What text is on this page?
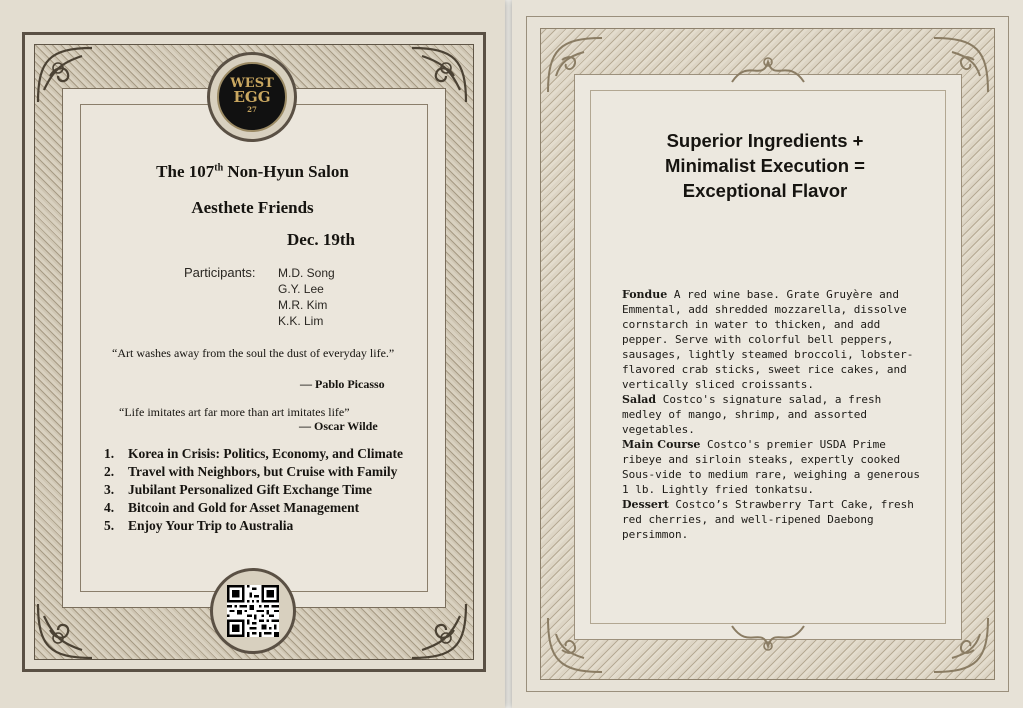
WEST
EGG
27
The 107th Non-Hyun Salon
Aesthete Friends
Dec. 19th
Participants: M.D. Song
G.Y. Lee
M.R. Kim
K.K. Lim
“Art washes away from the soul the dust of everyday life.”
— Pablo Picasso
“Life imitates art far more than art imitates life”
— Oscar Wilde
1. Korea in Crisis: Politics, Economy, and Climate
2. Travel with Neighbors, but Cruise with Family
3. Jubilant Personalized Gift Exchange Time
4. Bitcoin and Gold for Asset Management
5. Enjoy Your Trip to Australia
Superior Ingredients +
Minimalist Execution =
Exceptional Flavor

Fondue A red wine base. Grate Gruyère and Emmental, add shredded mozzarella, dissolve cornstarch in water to thicken, and add pepper. Serve with colorful bell peppers, sausages, lightly steamed broccoli, lobster-flavored crab sticks, sweet rice cakes, and vertically sliced croissants.

Salad Costco's signature salad, a fresh medley of mango, shrimp, and assorted vegetables.

Main Course Costco's premier USDA Prime ribeye and sirloin steaks, expertly cooked Sous-vide to medium rare, weighing a generous 1 lb. Lightly fried tonkatsu.

Dessert Costco’s Strawberry Tart Cake, fresh red cherries, and well-ripened Daebong persimmon.
